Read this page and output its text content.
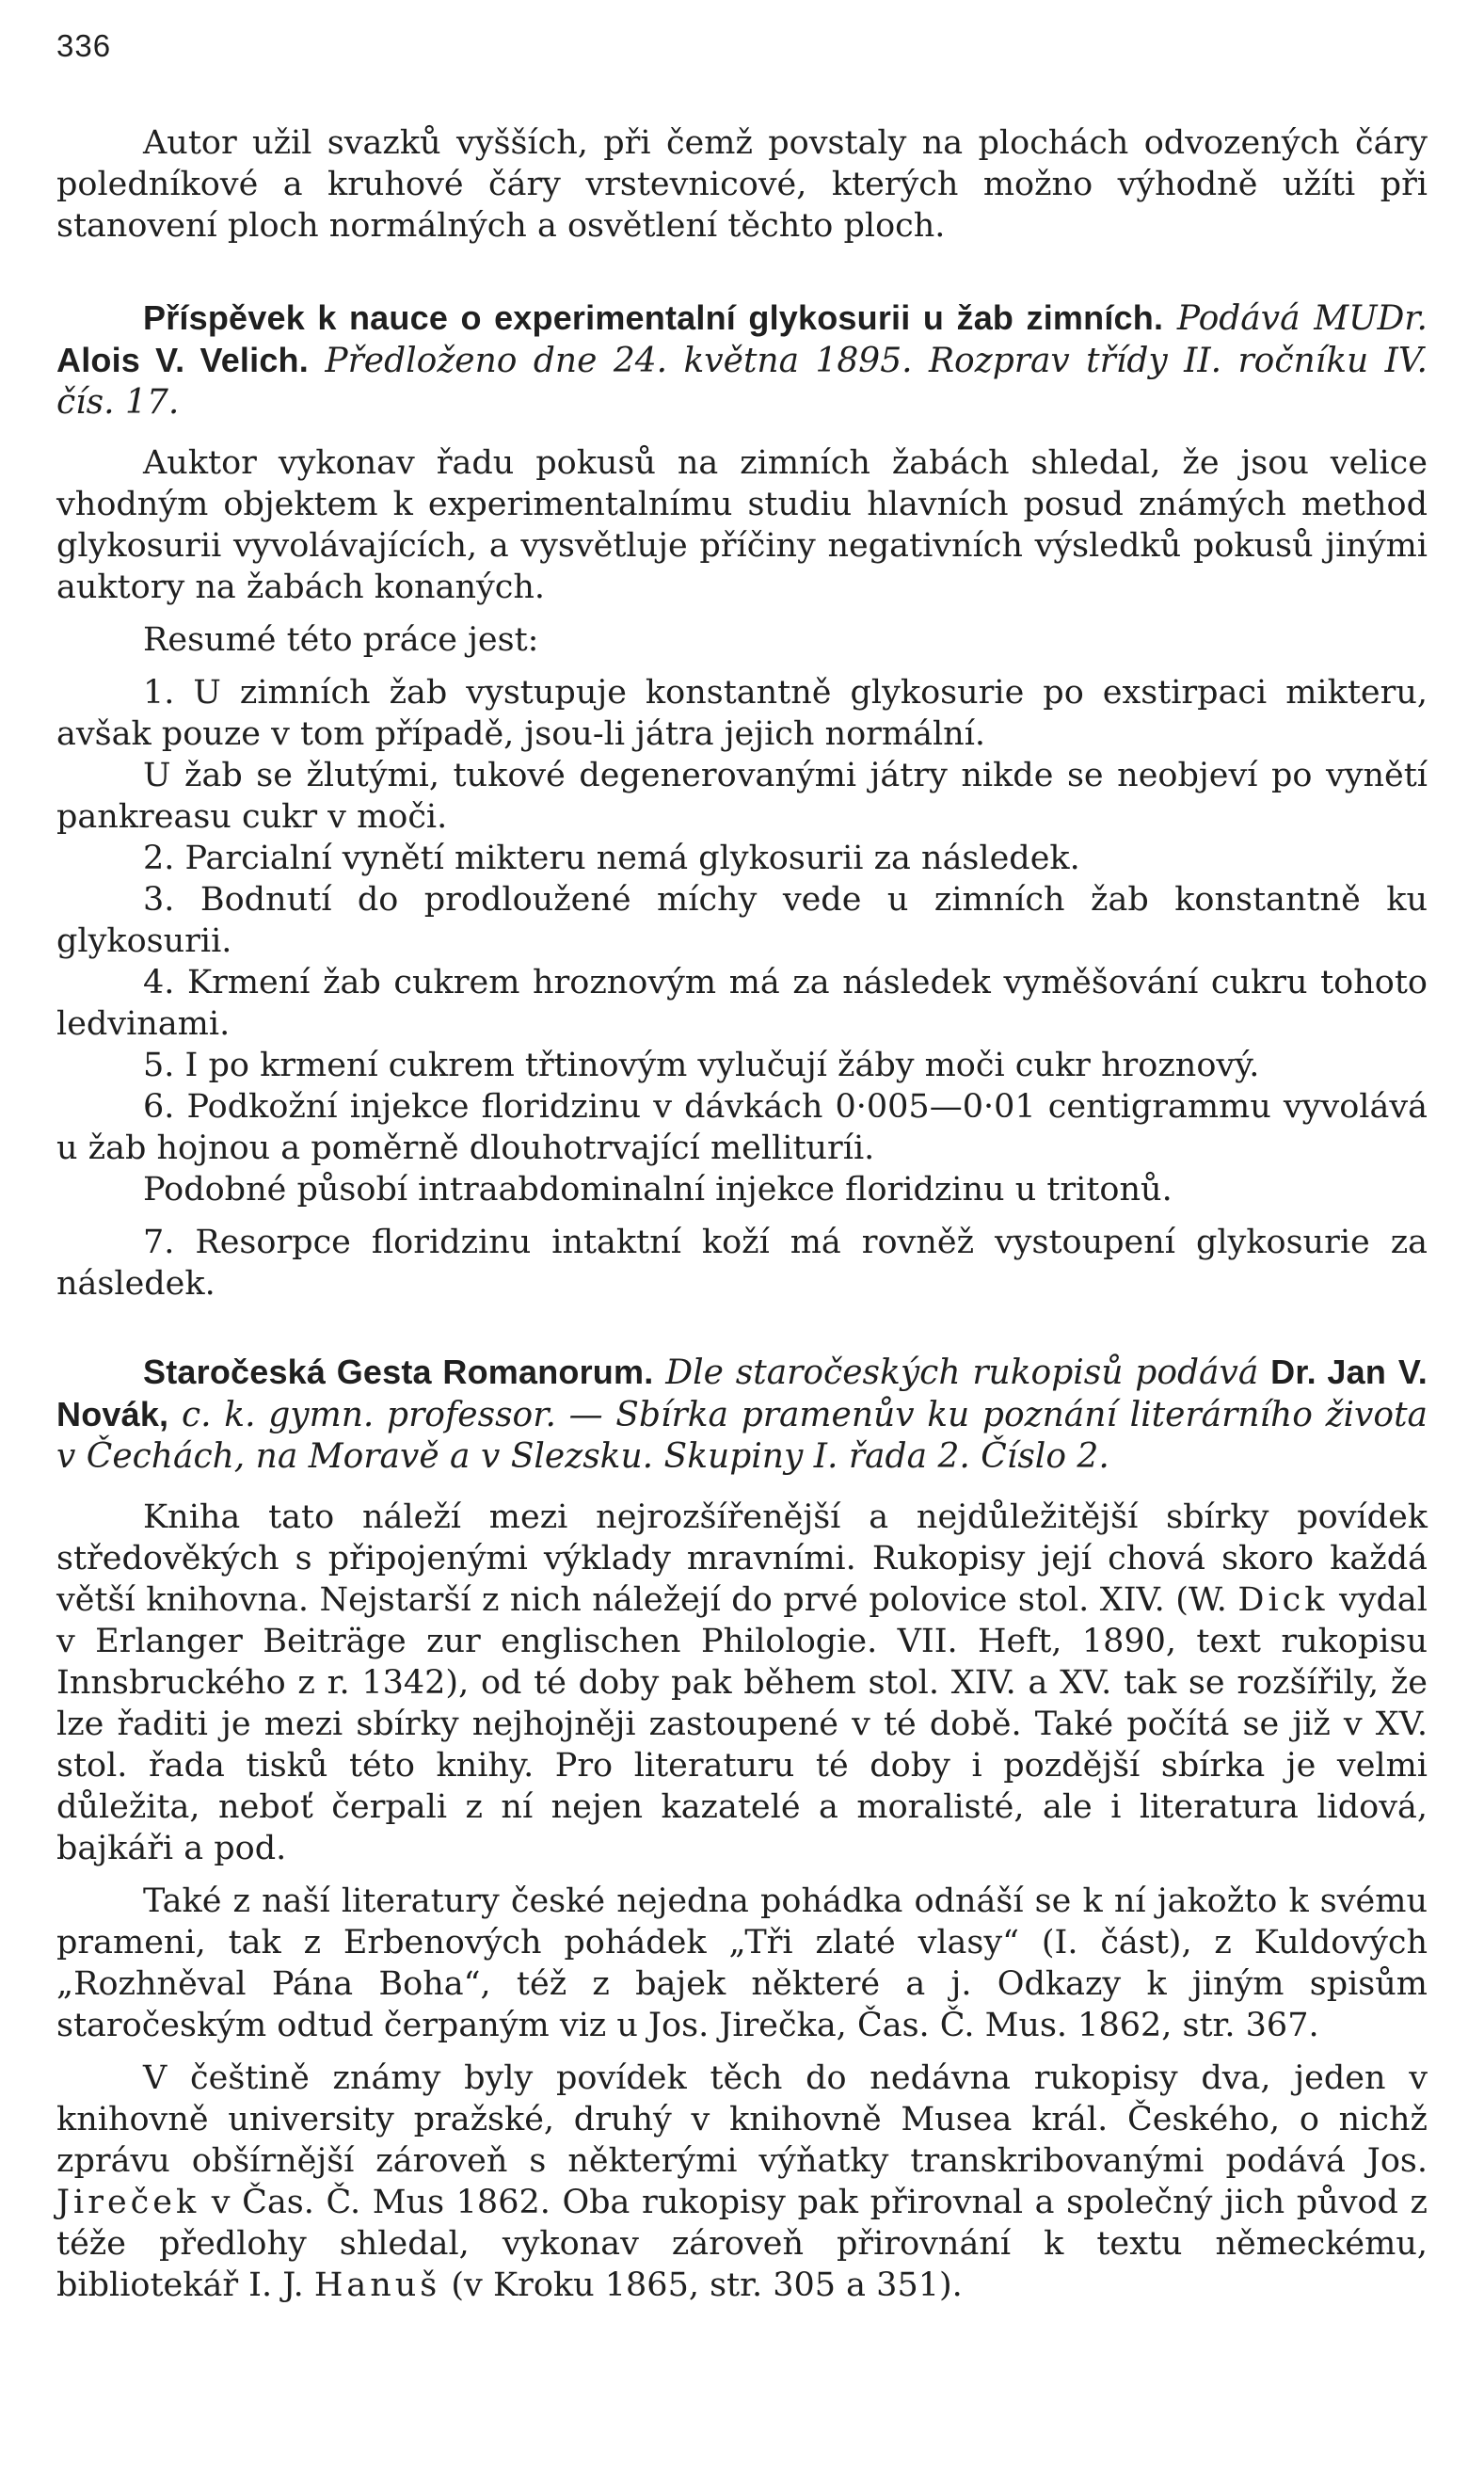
336

Autor užil svazků vyšších, při čemž povstaly na plochách odvozených čáry poledníkové a kruhové čáry vrstevnicové, kterých možno výhodně užíti při stanovení ploch normálných a osvětlení těchto ploch.

Příspěvek k nauce o experimentalní glykosurii u žab zimních. Podává MUDr. Alois V. Velich. Předloženo dne 24. května 1895. Rozprav třídy II. ročníku IV. čís. 17.

Auktor vykonav řadu pokusů na zimních žabách shledal, že jsou velice vhodným objektem k experimentalnímu studiu hlavních posud známých method glykosurii vyvolávajících, a vysvětluje příčiny negativních výsledků pokusů jinými auktory na žabách konaných.

Resumé této práce jest:

1. U zimních žab vystupuje konstantně glykosurie po exstirpaci mikteru, avšak pouze v tom případě, jsou-li játra jejich normální.

U žab se žlutými, tukové degenerovanými játry nikde se neobjeví po vynětí pankreasu cukr v moči.

2. Parcialní vynětí mikteru nemá glykosurii za následek.

3. Bodnutí do prodloužené míchy vede u zimních žab konstantně ku glykosurii.

4. Krmení žab cukrem hroznovým má za následek vyměšování cukru tohoto ledvinami.

5. I po krmení cukrem třtinovým vylučují žáby moči cukr hroznový.

6. Podkožní injekce floridzinu v dávkách 0·005—0·01 centigrammu vyvolává u žab hojnou a poměrně dlouhotrvající mellituríi.

Podobné působí intraabdominalní injekce floridzinu u tritonů.

7. Resorpce floridzinu intaktní koží má rovněž vystoupení glykosurie za následek.

Staročeská Gesta Romanorum. Dle staročeských rukopisů podává Dr. Jan V. Novák, c. k. gymn. professor. — Sbírka pramenův ku poznání literárního života v Čechách, na Moravě a v Slezsku. Skupiny I. řada 2. Číslo 2.

Kniha tato náleží mezi nejrozšířenější a nejdůležitější sbírky povídek středověkých s připojenými výklady mravními. Rukopisy její chová skoro každá větší knihovna. Nejstarší z nich náležejí do prvé polovice stol. XIV. (W. Dick vydal v Erlanger Beiträge zur englischen Philologie. VII. Heft, 1890, text rukopisu Innsbruckého z r. 1342), od té doby pak během stol. XIV. a XV. tak se rozšířily, že lze řaditi je mezi sbírky nejhojněji zastoupené v té době. Také počítá se již v XV. stol. řada tisků této knihy. Pro literaturu té doby i pozdější sbírka je velmi důležita, neboť čerpali z ní nejen kazatelé a moralisté, ale i literatura lidová, bajkáři a pod.

Také z naší literatury české nejedna pohádka odnáší se k ní jakožto k svému prameni, tak z Erbenových pohádek „Tři zlaté vlasy“ (I. část), z Kuldových „Rozhněval Pána Boha“, též z bajek některé a j. Odkazy k jiným spisům staročeským odtud čerpaným viz u Jos. Jirečka, Čas. Č. Mus. 1862, str. 367.

V češtině známy byly povídek těch do nedávna rukopisy dva, jeden v knihovně university pražské, druhý v knihovně Musea král. Českého, o nichž zprávu obšírnější zároveň s některými výňatky transkribovanými podává Jos. Jireček v Čas. Č. Mus 1862. Oba rukopisy pak přirovnal a společný jich původ z téže předlohy shledal, vykonav zároveň přirovnání k textu německému, bibliotekář I. J. Hanuš (v Kroku 1865, str. 305 a 351).
